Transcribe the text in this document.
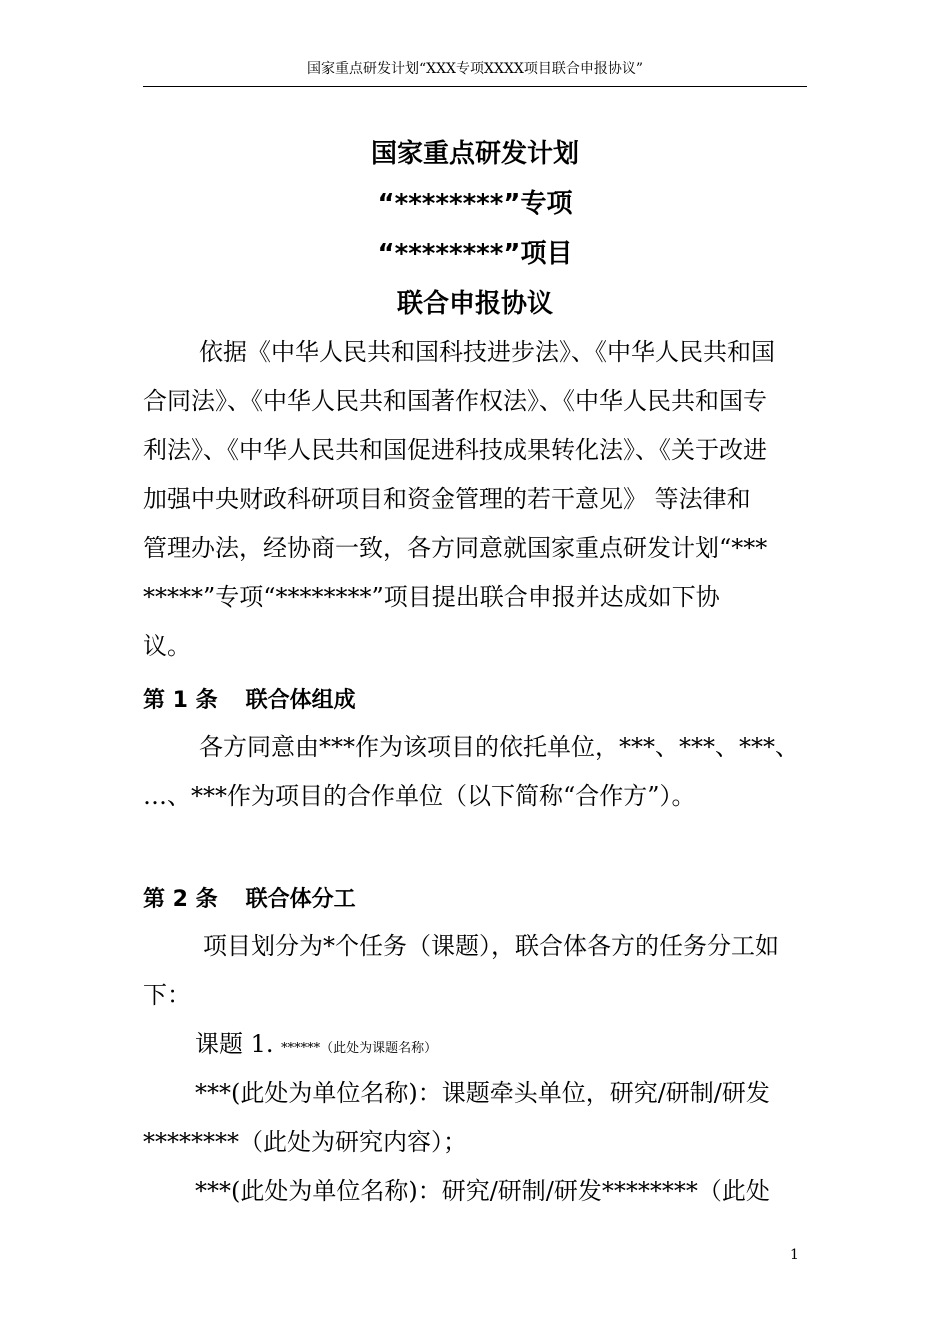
国家重点研发计划“XXX专项XXXX项目联合申报协议”
国家重点研发计划
“********”专项
“********”项目
联合申报协议
依据《中华人民共和国科技进步法》、《中华人民共和国
合同法》、《中华人民共和国著作权法》、《中华人民共和国专
利法》、《中华人民共和国促进科技成果转化法》、《关于改进
加强中央财政科研项目和资金管理的若干意见》 等法律和
管理办法，经协商一致，各方同意就国家重点研发计划“***
*****”专项“********”项目提出联合申报并达成如下协
议。
第 1 条 联合体组成
各方同意由***作为该项目的依托单位，***、***、***、
…、***作为项目的合作单位（以下简称“合作方”）。
第 2 条 联合体分工
项目划分为*个任务（课题），联合体各方的任务分工如
下：
课题 1. ******（此处为课题名称）
***(此处为单位名称)：课题牵头单位，研究/研制/研发
********（此处为研究内容）；
***(此处为单位名称)：研究/研制/研发********（此处
1
